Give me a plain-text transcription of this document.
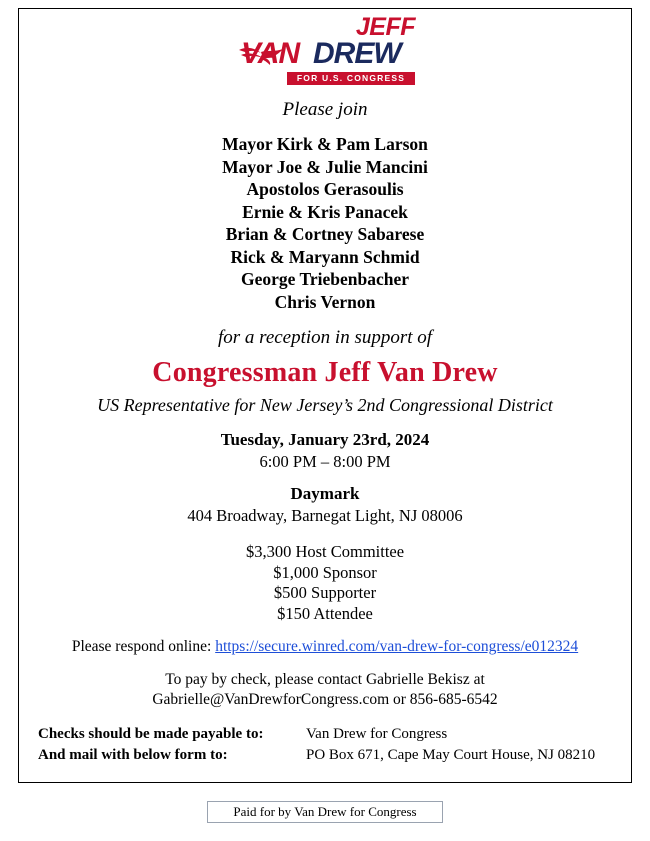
JEFF
VAN DREW
FOR U.S. CONGRESS
Please join
Mayor Kirk & Pam Larson
Mayor Joe & Julie Mancini
Apostolos Gerasoulis
Ernie & Kris Panacek
Brian & Cortney Sabarese
Rick & Maryann Schmid
George Triebenbacher
Chris Vernon
for a reception in support of
Congressman Jeff Van Drew
US Representative for New Jersey’s 2nd Congressional District
Tuesday, January 23rd, 2024
6:00 PM – 8:00 PM
Daymark
404 Broadway, Barnegat Light, NJ 08006
$3,300 Host Committee
$1,000 Sponsor
$500 Supporter
$150 Attendee
Please respond online: https://secure.winred.com/van-drew-for-congress/e012324
To pay by check, please contact Gabrielle Bekisz at
Gabrielle@VanDrewforCongress.com or 856-685-6542
Checks should be made payable to:	Van Drew for Congress
And mail with below form to:	PO Box 671, Cape May Court House, NJ 08210
Paid for by Van Drew for Congress
